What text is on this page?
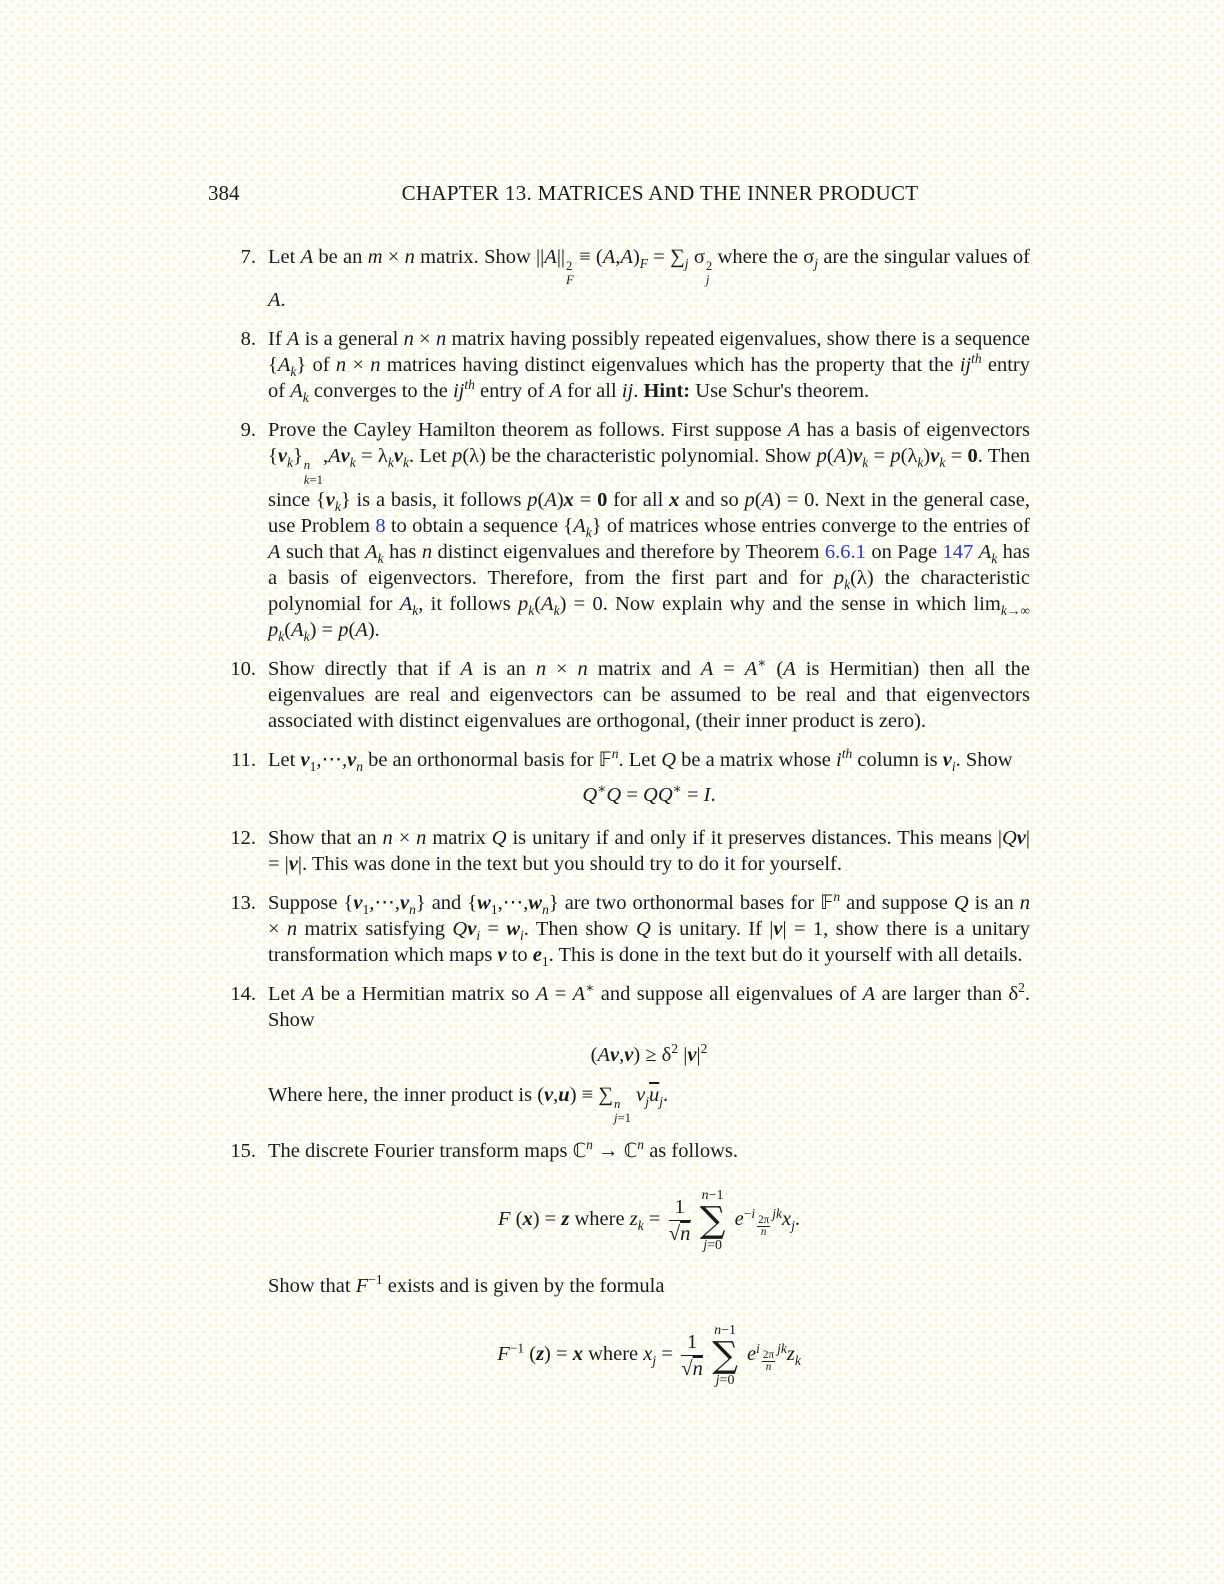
384	CHAPTER 13. MATRICES AND THE INNER PRODUCT
7. Let A be an m × n matrix. Show ||A|| 2
F
≡ $(A,A)_F = \sum_j$ σ 2
j
where the $\sigma_j$ are the singular values of A.

8. If A is a general n × n matrix having possibly repeated eigenvalues, show there is a sequence $\{A_k\}$ of n × n matrices having distinct eigenvalues which has the property that the $ij^{th}$ entry of $A_k$ converges to the $ij^{th}$ entry of A for all ij. Hint: Use Schur's theorem.

9. Prove the Cayley Hamilton theorem as follows. First suppose A has a basis of eigenvectors $\{v_k\}$ n
k=1
$,Av_k = \lambda_kv_k$. Let p(λ) be the characteristic polynomial. Show $p(A)v_k = p(\lambda_k)v_k = 0$. Then since $\{v_k\}$ is a basis, it follows p(A)x = 0 for all x and so p(A) = 0. Next in the general case, use Problem 8 to obtain a sequence $\{A_k\}$ of matrices whose entries converge to the entries of A such that $A_k$ has n distinct eigenvalues and therefore by Theorem 6.6.1 on Page 147 $A_k$ has a basis of eigenvectors. Therefore, from the first part and for $p_k(\lambda)$ the characteristic polynomial for $A_k$, it follows $p_k(A_k) = 0$. Now explain why and the sense in which $\lim_{k\to\infty} p_k(A_k) = p(A)$.

10. Show directly that if A is an n × n matrix and A = A∗ (A is Hermitian) then all the eigenvalues are real and eigenvectors can be assumed to be real and that eigenvectors associated with distinct eigenvalues are orthogonal, (their inner product is zero).

11. Let $v_1,\cdots,v_n$ be an orthonormal basis for 𝔽$^n$. Let Q be a matrix whose $i^{th}$ column is $v_i$. Show

Q∗Q = QQ∗ = I.
12. Show that an n × n matrix Q is unitary if and only if it preserves distances. This means |Qv| = |v|. This was done in the text but you should try to do it for yourself.

13. Suppose $\{v_1,\cdots,v_n\}$ and $\{w_1,\cdots,w_n\}$ are two orthonormal bases for 𝔽$^n$ and suppose Q is an n × n matrix satisfying $Qv_i = w_i$. Then show Q is unitary. If |v| = 1, show there is a unitary transformation which maps v to $e_1$. This is done in the text but do it yourself with all details.

14. Let A be a Hermitian matrix so A = A∗ and suppose all eigenvalues of A are larger than $\delta^2$. Show

$(Av,v) \ge \delta^2$ $|v|^2$

Where here, the inner product is (v,u) ≡ ∑ n
j=1
$v_j\overline{u}_j$.

15. The discrete Fourier transform maps ℂ$^n$ → ℂ$^n$ as follows.

F (x) = z where $z_k = \frac{1}{√n} n-1$
∑
j=0
$e^{-i \frac{2\pi}{n} jk}x_j$.

Show that $F^{-1}$ exists and is given by the formula

$F^{-1}$ (z) = x where $x_j = \frac{1}{√n} n-1$
∑
j=0
$e^{i \frac{2\pi}{n} jk}z_k$
